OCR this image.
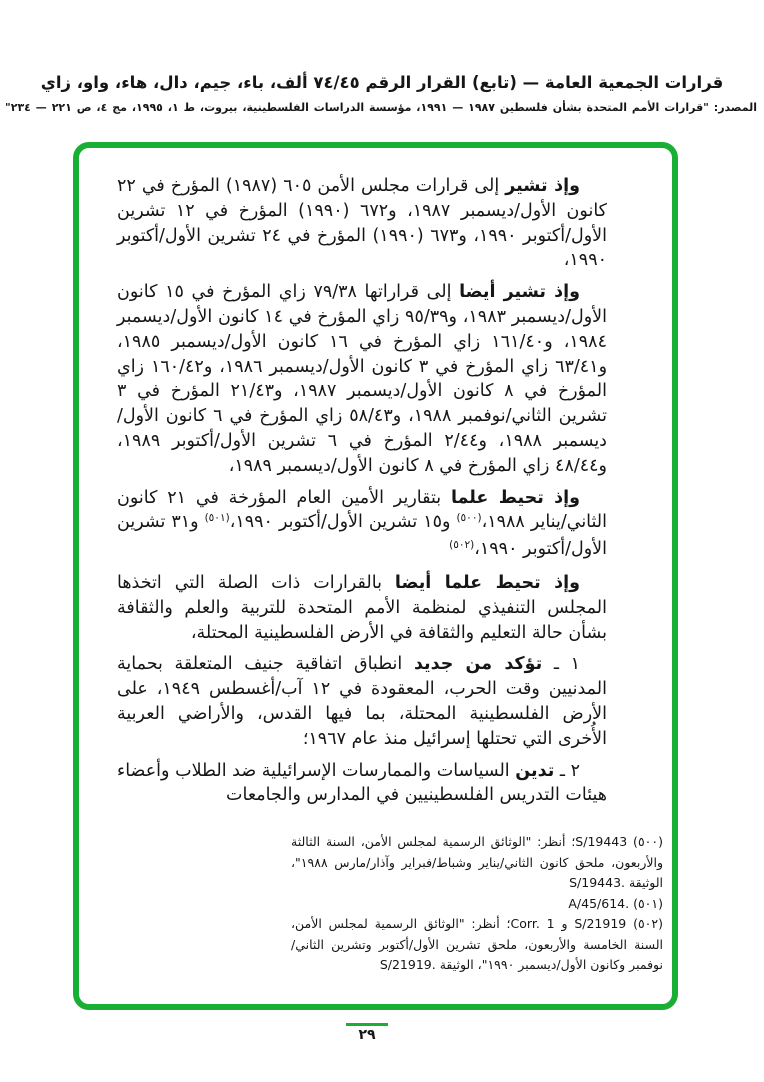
قرارات الجمعية العامة — (تابع) القرار الرقم ٧٤/٤٥ ألف، باء، جيم، دال، هاء، واو، زاي
المصدر: "قرارات الأمم المتحدة بشأن فلسطين ١٩٨٧ — ١٩٩١، مؤسسة الدراسات الفلسطينية، بيروت، ط ١، ١٩٩٥، مج ٤، ص ٢٢١ — ٢٣٤"

وإذ تشير إلى قرارات مجلس الأمن ٦٠٥ (١٩٨٧) المؤرخ في ٢٢ كانون الأول/ديسمبر ١٩٨٧، و٦٧٢ (١٩٩٠) المؤرخ في ١٢ تشرين الأول/أكتوبر ١٩٩٠، و٦٧٣ (١٩٩٠) المؤرخ في ٢٤ تشرين الأول/أكتوبر ١٩٩٠،

وإذ تشير أيضا إلى قراراتها ٧٩/٣٨ زاي المؤرخ في ١٥ كانون الأول/ديسمبر ١٩٨٣، و٩٥/٣٩ زاي المؤرخ في ١٤ كانون الأول/ديسمبر ١٩٨٤، و١٦١/٤٠ زاي المؤرخ في ١٦ كانون الأول/ديسمبر ١٩٨٥، و٦٣/٤١ زاي المؤرخ في ٣ كانون الأول/ديسمبر ١٩٨٦، و١٦٠/٤٢ زاي المؤرخ في ٨ كانون الأول/ديسمبر ١٩٨٧، و٢١/٤٣ المؤرخ في ٣ تشرين الثاني/نوفمبر ١٩٨٨، و٥٨/٤٣ زاي المؤرخ في ٦ كانون الأول/ديسمبر ١٩٨٨، و٢/٤٤ المؤرخ في ٦ تشرين الأول/أكتوبر ١٩٨٩، و٤٨/٤٤ زاي المؤرخ في ٨ كانون الأول/ديسمبر ١٩٨٩،

وإذ تحيط علما بتقارير الأمين العام المؤرخة في ٢١ كانون الثاني/يناير ١٩٨٨،$^{(٥٠٠)}$ و١٥ تشرين الأول/أكتوبر ١٩٩٠،$^{(٥٠١)}$ و٣١ تشرين الأول/أكتوبر ١٩٩٠،$^{(٥٠٢)}$

وإذ تحيط علما أيضا بالقرارات ذات الصلة التي اتخذها المجلس التنفيذي لمنظمة الأمم المتحدة للتربية والعلم والثقافة بشأن حالة التعليم والثقافة في الأرض الفلسطينية المحتلة،

١ ـ تؤكد من جديد انطباق اتفاقية جنيف المتعلقة بحماية المدنيين وقت الحرب، المعقودة في ١٢ آب/أغسطس ١٩٤٩، على الأرض الفلسطينية المحتلة، بما فيها القدس، والأراضي العربية الأُخرى التي تحتلها إسرائيل منذ عام ١٩٦٧؛

٢ ـ تدين السياسات والممارسات الإسرائيلية ضد الطلاب وأعضاء هيئات التدريس الفلسطينيين في المدارس والجامعات

(٥٠٠) S/19443؛ أنظر: "الوثائق الرسمية لمجلس الأمن، السنة الثالثة والأربعون، ملحق كانون الثاني/يناير وشباط/فبراير وآذار/مارس ١٩٨٨"، الوثيقة S/19443.‎
(٥٠١) A/45/614.‎
(٥٠٢) S/21919 و Corr. 1؛ أنظر: "الوثائق الرسمية لمجلس الأمن، السنة الخامسة والأربعون، ملحق تشرين الأول/أكتوبر وتشرين الثاني/نوفمبر وكانون الأول/ديسمبر ١٩٩٠"، الوثيقة S/21919.‎
٢٩
